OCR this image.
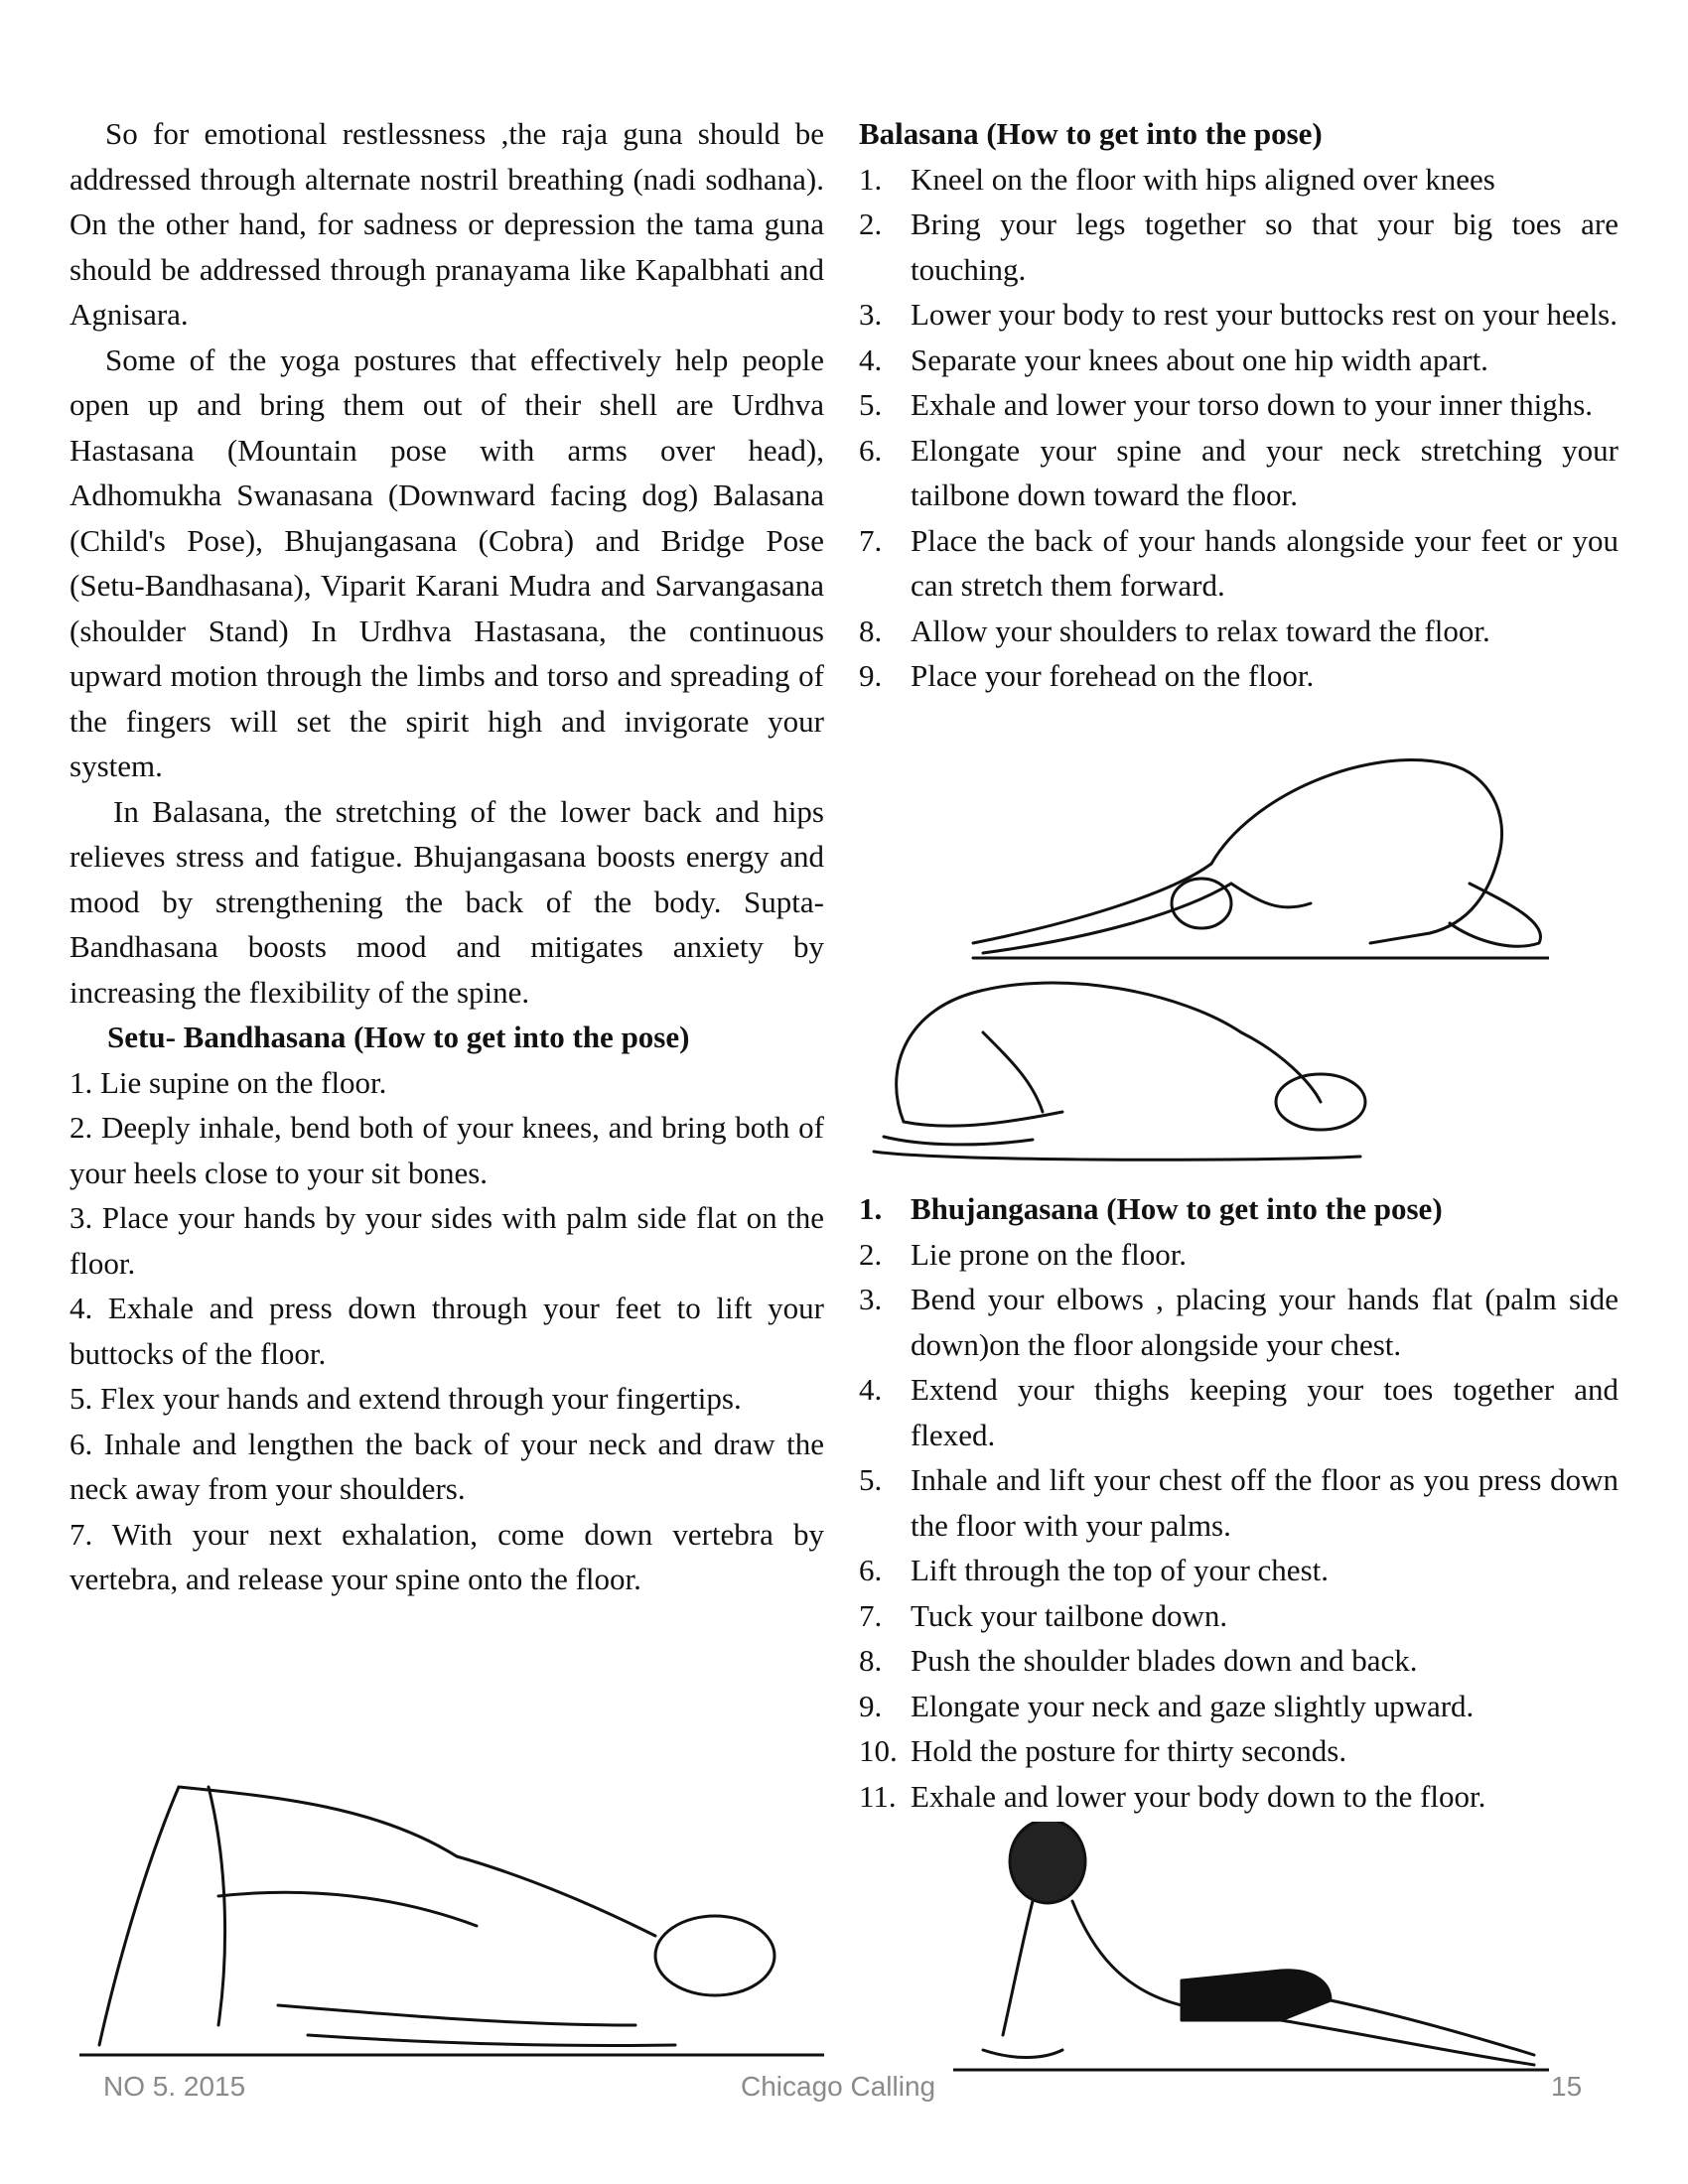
So for emotional restlessness ,the raja guna should be addressed through alternate nostril breathing (nadi sodhana). On the other hand, for sadness or depression the tama guna should be addressed through pranayama like Kapalbhati and Agnisara.

Some of the yoga postures that effectively help people open up and bring them out of their shell are Urdhva Hastasana (Mountain pose with arms over head), Adhomukha Swanasana (Downward facing dog) Balasana (Child's Pose), Bhujangasana (Cobra) and Bridge Pose (Setu-Bandhasana), Viparit Karani Mudra and Sarvangasana (shoulder Stand) In Urdhva Hastasana, the continuous upward motion through the limbs and torso and spreading of the fingers will set the spirit high and invigorate your system.

In Balasana, the stretching of the lower back and hips relieves stress and fatigue. Bhujangasana boosts energy and mood by strengthening the back of the body. Supta-Bandhasana boosts mood and mitigates anxiety by increasing the flexibility of the spine.

Setu- Bandhasana (How to get into the pose)

1. Lie supine on the floor.

2. Deeply inhale, bend both of your knees, and bring both of your heels close to your sit bones.

3. Place your hands by your sides with palm side flat on the floor.

4. Exhale and press down through your feet to lift your buttocks of the floor.

5. Flex your hands and extend through your fingertips.

6. Inhale and lengthen the back of your neck and draw the neck away from your shoulders.

7. With your next exhalation, come down vertebra by vertebra, and release your spine onto the floor.

Balasana (How to get into the pose)

1. Kneel on the floor with hips aligned over knees
2. Bring your legs together so that your big toes are touching.
3. Lower your body to rest your buttocks rest on your heels.
4. Separate your knees about one hip width apart.
5. Exhale and lower your torso down to your inner thighs.
6. Elongate your spine and your neck stretching your tailbone down toward the floor.
7. Place the back of your hands alongside your feet or you can stretch them forward.
8. Allow your shoulders to relax toward the floor.
9. Place your forehead on the floor.
1. Bhujangasana (How to get into the pose)
2. Lie prone on the floor.
3. Bend your elbows , placing your hands flat (palm side down)on the floor alongside your chest.
4. Extend your thighs keeping your toes together and flexed.
5. Inhale and lift your chest off the floor as you press down the floor with your palms.
6. Lift through the top of your chest.
7. Tuck your tailbone down.
8. Push the shoulder blades down and back.
9. Elongate your neck and gaze slightly upward.
10. Hold the posture for thirty seconds.
11. Exhale and lower your body down to the floor.
NO 5. 2015	Chicago Calling	15
